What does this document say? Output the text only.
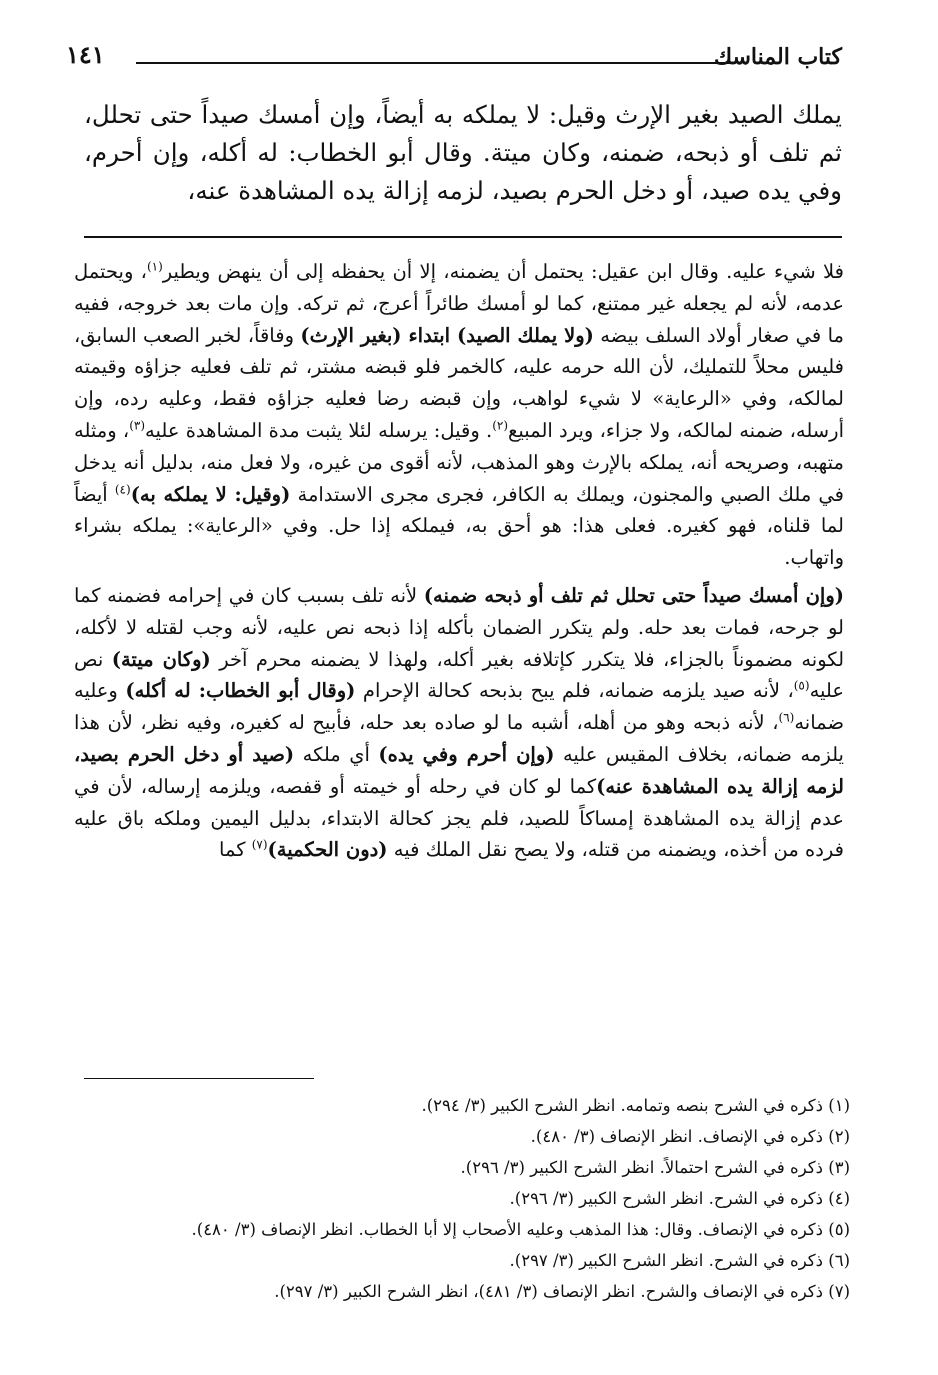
كتاب المناسك
١٤١
يملك الصيد بغير الإرث وقيل: لا يملكه به أيضاً، وإن أمسك صيداً حتى تحلل، ثم تلف أو ذبحه، ضمنه، وكان ميتة. وقال أبو الخطاب: له أكله، وإن أحرم، وفي يده صيد، أو دخل الحرم بصيد، لزمه إزالة يده المشاهدة عنه،

فلا شيء عليه. وقال ابن عقيل: يحتمل أن يضمنه، إلا أن يحفظه إلى أن ينهض ويطير$^{(١)}$، ويحتمل عدمه، لأنه لم يجعله غير ممتنع، كما لو أمسك طائراً أعرج، ثم تركه. وإن مات بعد خروجه، ففيه ما في صغار أولاد السلف بيضه (ولا يملك الصيد) ابتداء (بغير الإرث) وفاقاً، لخبر الصعب السابق، فليس محلاً للتمليك، لأن الله حرمه عليه، كالخمر فلو قبضه مشتر، ثم تلف فعليه جزاؤه وقيمته لمالكه، وفي «الرعاية» لا شيء لواهب، وإن قبضه رضا فعليه جزاؤه فقط، وعليه رده، وإن أرسله، ضمنه لمالكه، ولا جزاء، ويرد المبيع$^{(٢)}$. وقيل: يرسله لئلا يثبت مدة المشاهدة عليه$^{(٣)}$، ومثله متهبه، وصريحه أنه، يملكه بالإرث وهو المذهب، لأنه أقوى من غيره، ولا فعل منه، بدليل أنه يدخل في ملك الصبي والمجنون، ويملك به الكافر، فجرى مجرى الاستدامة (وقيل: لا يملكه به)$^{(٤)}$ أيضاً لما قلناه، فهو كغيره. فعلى هذا: هو أحق به، فيملكه إذا حل. وفي «الرعاية»: يملكه بشراء واتهاب.

(وإن أمسك صيداً حتى تحلل ثم تلف أو ذبحه ضمنه) لأنه تلف بسبب كان في إحرامه فضمنه كما لو جرحه، فمات بعد حله. ولم يتكرر الضمان بأكله إذا ذبحه نص عليه، لأنه وجب لقتله لا لأكله، لكونه مضموناً بالجزاء، فلا يتكرر كإتلافه بغير أكله، ولهذا لا يضمنه محرم آخر (وكان ميتة) نص عليه$^{(٥)}$، لأنه صيد يلزمه ضمانه، فلم يبح بذبحه كحالة الإحرام (وقال أبو الخطاب: له أكله) وعليه ضمانه$^{(٦)}$، لأنه ذبحه وهو من أهله، أشبه ما لو صاده بعد حله، فأبيح له كغيره، وفيه نظر، لأن هذا يلزمه ضمانه، بخلاف المقيس عليه (وإن أحرم وفي يده) أي ملكه (صيد أو دخل الحرم بصيد، لزمه إزالة يده المشاهدة عنه)كما لو كان في رحله أو خيمته أو قفصه، ويلزمه إرساله، لأن في عدم إزالة يده المشاهدة إمساكاً للصيد، فلم يجز كحالة الابتداء، بدليل اليمين وملكه باق عليه فرده من أخذه، ويضمنه من قتله، ولا يصح نقل الملك فيه (دون الحكمية)$^{(٧)}$ كما

(١) ذكره في الشرح بنصه وتمامه. انظر الشرح الكبير (٣/ ٢٩٤).
(٢) ذكره في الإنصاف. انظر الإنصاف (٣/ ٤٨٠).
(٣) ذكره في الشرح احتمالاً. انظر الشرح الكبير (٣/ ٢٩٦).
(٤) ذكره في الشرح. انظر الشرح الكبير (٣/ ٢٩٦).
(٥) ذكره في الإنصاف. وقال: هذا المذهب وعليه الأصحاب إلا أبا الخطاب. انظر الإنصاف (٣/ ٤٨٠).
(٦) ذكره في الشرح. انظر الشرح الكبير (٣/ ٢٩٧).
(٧) ذكره في الإنصاف والشرح. انظر الإنصاف (٣/ ٤٨١)، انظر الشرح الكبير (٣/ ٢٩٧).
